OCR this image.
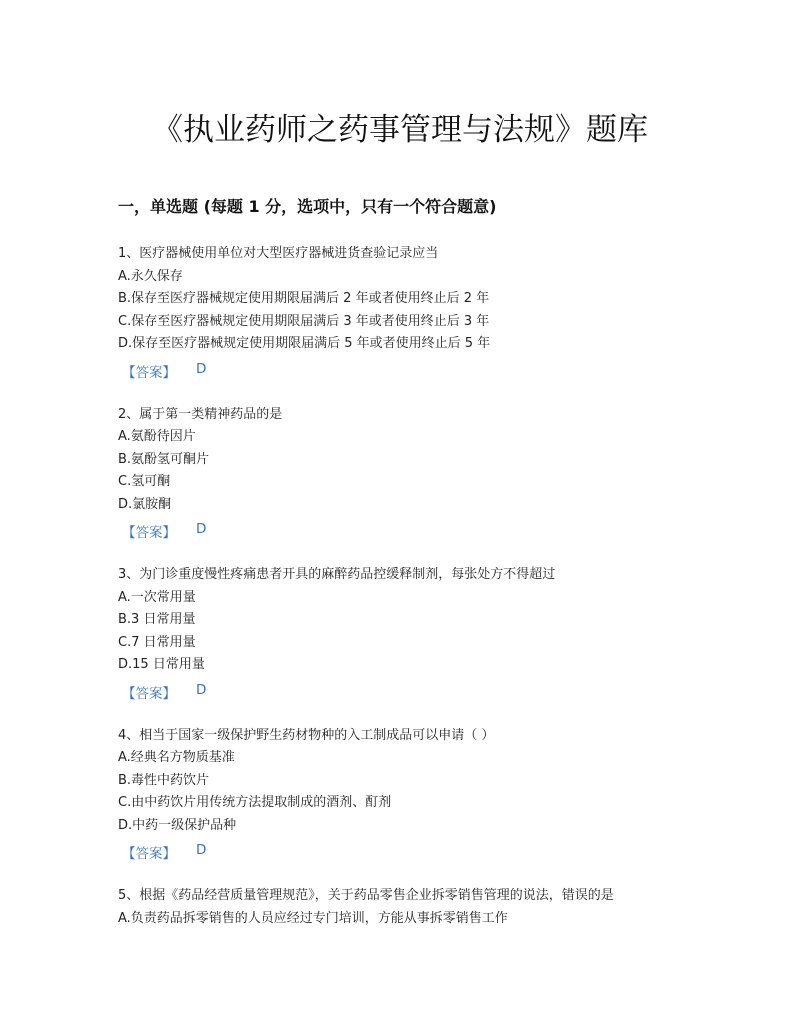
《执业药师之药事管理与法规》题库
一，单选题 (每题 1 分，选项中，只有一个符合题意)
1、医疗器械使用单位对大型医疗器械进货查验记录应当
A.永久保存
B.保存至医疗器械规定使用期限届满后 2 年或者使用终止后 2 年
C.保存至医疗器械规定使用期限届满后 3 年或者使用终止后 3 年
D.保存至医疗器械规定使用期限届满后 5 年或者使用终止后 5 年
【答案】 D
2、属于第一类精神药品的是
A.氨酚待因片
B.氨酚氢可酮片
C.氢可酮
D.氯胺酮
【答案】 D
3、为门诊重度慢性疼痛患者开具的麻醉药品控缓释制剂，每张处方不得超过
A.一次常用量
B.3 日常用量
C.7 日常用量
D.15 日常用量
【答案】 D
4、相当于国家一级保护野生药材物种的入工制成品可以申请（ ）
A.经典名方物质基准
B.毒性中药饮片
C.由中药饮片用传统方法提取制成的酒剂、酊剂
D.中药一级保护品种
【答案】 D
5、根据《药品经营质量管理规范》，关于药品零售企业拆零销售管理的说法，错误的是
A.负责药品拆零销售的人员应经过专门培训，方能从事拆零销售工作
